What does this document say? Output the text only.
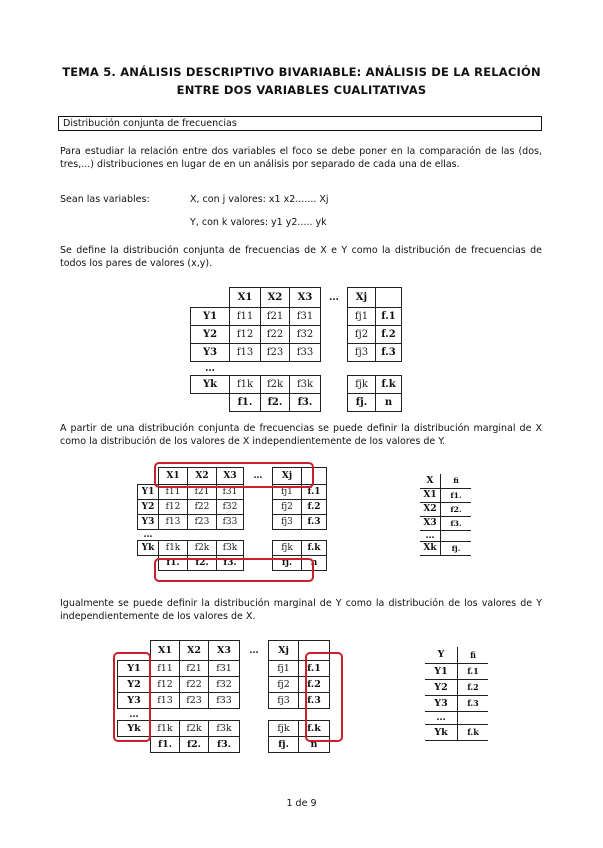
TEMA 5. ANÁLISIS DESCRIPTIVO BIVARIABLE: ANÁLISIS DE LA RELACIÓN
ENTRE DOS VARIABLES CUALITATIVAS
Distribución conjunta de frecuencias
Para estudiar la relación entre dos variables el foco se debe poner en la comparación de las (dos, tres,...) distribuciones en lugar de en un análisis por separado de cada una de ellas.
Sean las variables:	X, con j valores: x1 x2....... Xj
Y, con k valores: y1 y2..... yk
Se define la distribución conjunta de frecuencias de X e Y como la distribución de frecuencias de todos los pares de valores (x,y).
	X1	X2	X3	…	Xj	
Y1	f11	f21	f31		fj1	f.1
Y2	f12	f22	f32		fj2	f.2
Y3	f13	f23	f33		fj3	f.3
…						
Yk	f1k	f2k	f3k		fjk	f.k
	f1.	f2.	f3.		fj.	n
A partir de una distribución conjunta de frecuencias se puede definir la distribución marginal de X como la distribución de los valores de X independientemente de los valores de Y.
	X1	X2	X3	…	Xj	
Y1	f11	f21	f31		fj1	f.1
Y2	f12	f22	f32		fj2	f.2
Y3	f13	f23	f33		fj3	f.3
…						
Yk	f1k	f2k	f3k		fjk	f.k
	f1.	f2.	f3.		fj.	n
X	fi
X1	f1.
X2	f2.
X3	f3.
…	
Xk	fj.
Igualmente se puede definir la distribución marginal de Y como la distribución de los valores de Y independientemente de los valores de X.
	X1	X2	X3	…	Xj	
Y1	f11	f21	f31		fj1	f.1
Y2	f12	f22	f32		fj2	f.2
Y3	f13	f23	f33		fj3	f.3
…						
Yk	f1k	f2k	f3k		fjk	f.k
	f1.	f2.	f3.		fj.	n
Y	fi
Y1	f.1
Y2	f.2
Y3	f.3
…	
Yk	f.k
1 de 9
